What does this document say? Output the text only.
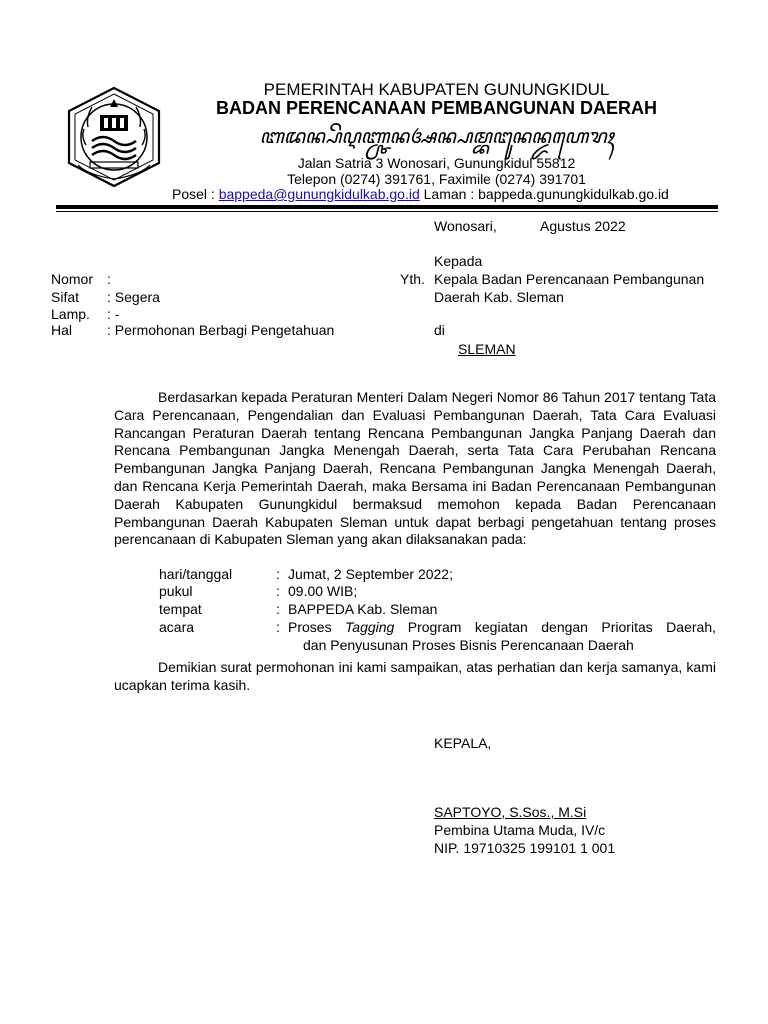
PEMERINTAH KABUPATEN GUNUNGKIDUL
BADAN PERENCANAAN PEMBANGUNAN DAERAH
ꦧꦢꦤ꧀ꦥꦼꦉꦚ꧀ꦕꦤꦄꦤ꧀ꦥꦩ꧀ꦧꦔꦸꦤꦤ꧀ꦢꦲꦺꦫꦃ
Jalan Satria 3 Wonosari, Gunungkidul 55812
Telepon (0274) 391761, Faximile (0274) 391701
Posel : bappeda@gunungkidulkab.go.id Laman : bappeda.gunungkidulkab.go.id
Wonosari,	Agustus 2022
Kepada
Yth. Kepala Badan Perencanaan Pembangunan
Daerah Kab. Sleman
di
SLEMAN
Nomor :
Sifat : Segera
Lamp. : -
Hal : Permohonan Berbagi Pengetahuan
Berdasarkan kepada Peraturan Menteri Dalam Negeri Nomor 86 Tahun 2017 tentang Tata Cara Perencanaan, Pengendalian dan Evaluasi Pembangunan Daerah, Tata Cara Evaluasi Rancangan Peraturan Daerah tentang Rencana Pembangunan Jangka Panjang Daerah dan Rencana Pembangunan Jangka Menengah Daerah, serta Tata Cara Perubahan Rencana Pembangunan Jangka Panjang Daerah, Rencana Pembangunan Jangka Menengah Daerah, dan Rencana Kerja Pemerintah Daerah, maka Bersama ini Badan Perencanaan Pembangunan Daerah Kabupaten Gunungkidul bermaksud memohon kepada Badan Perencanaan Pembangunan Daerah Kabupaten Sleman untuk dapat berbagi pengetahuan tentang proses perencanaan di Kabupaten Sleman yang akan dilaksanakan pada:
hari/tanggal	: Jumat, 2 September 2022;
pukul	: 09.00 WIB;
tempat	: BAPPEDA Kab. Sleman
acara	: Proses Tagging Program kegiatan dengan Prioritas Daerah,
dan Penyusunan Proses Bisnis Perencanaan Daerah
Demikian surat permohonan ini kami sampaikan, atas perhatian dan kerja samanya, kami ucapkan terima kasih.
KEPALA,
SAPTOYO, S.Sos., M.Si
Pembina Utama Muda, IV/c
NIP. 19710325 199101 1 001
